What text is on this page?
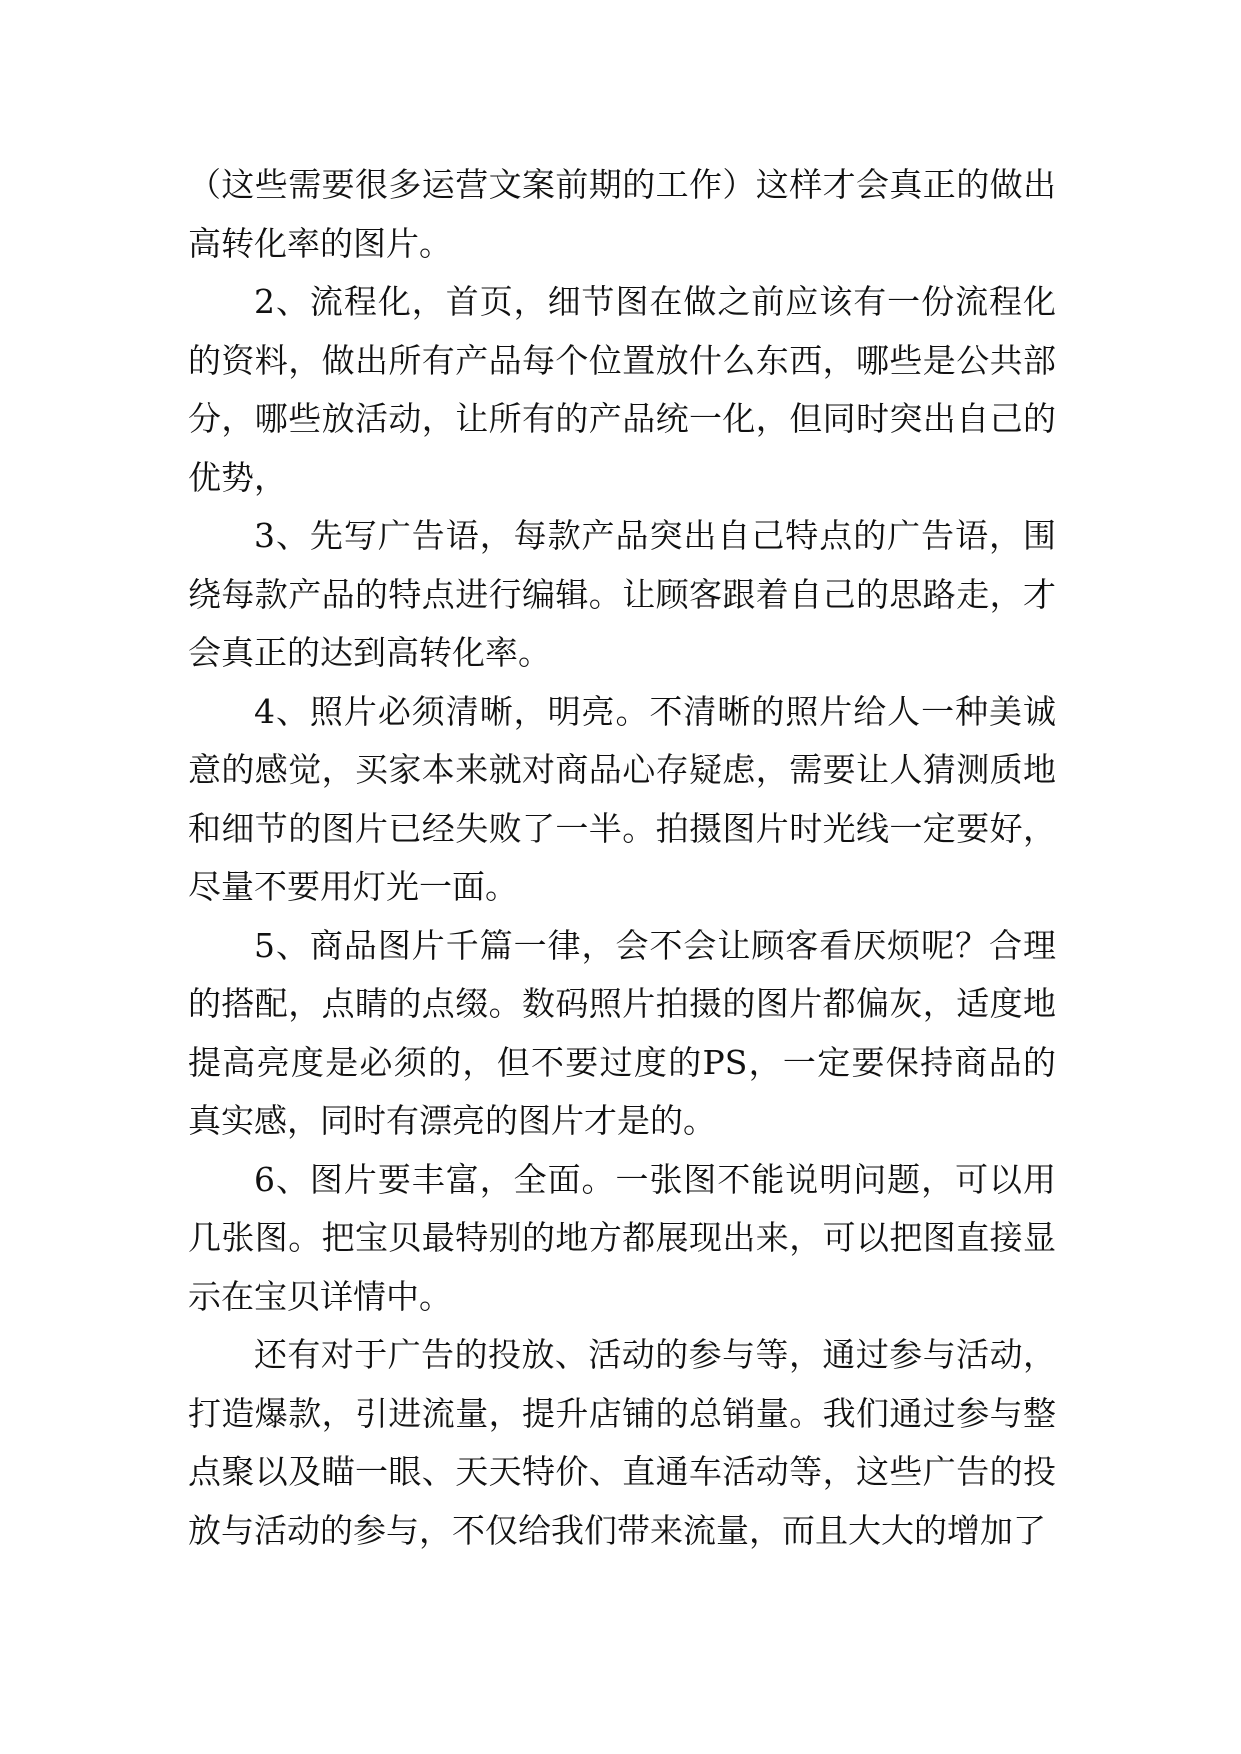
（这些需要很多运营文案前期的工作）这样才会真正的做出高转化率的图片。

2、流程化，首页，细节图在做之前应该有一份流程化的资料，做出所有产品每个位置放什么东西，哪些是公共部分，哪些放活动，让所有的产品统一化，但同时突出自己的优势，

3、先写广告语，每款产品突出自己特点的广告语，围绕每款产品的特点进行编辑。让顾客跟着自己的思路走，才会真正的达到高转化率。

4、照片必须清晰，明亮。不清晰的照片给人一种美诚意的感觉，买家本来就对商品心存疑虑，需要让人猜测质地和细节的图片已经失败了一半。拍摄图片时光线一定要好，尽量不要用灯光一面。

5、商品图片千篇一律，会不会让顾客看厌烦呢？合理的搭配，点睛的点缀。数码照片拍摄的图片都偏灰，适度地提高亮度是必须的，但不要过度的PS，一定要保持商品的真实感，同时有漂亮的图片才是的。

6、图片要丰富，全面。一张图不能说明问题，可以用几张图。把宝贝最特别的地方都展现出来，可以把图直接显示在宝贝详情中。

还有对于广告的投放、活动的参与等，通过参与活动，打造爆款，引进流量，提升店铺的总销量。我们通过参与整点聚以及瞄一眼、天天特价、直通车活动等，这些广告的投放与活动的参与，不仅给我们带来流量，而且大大的增加了
